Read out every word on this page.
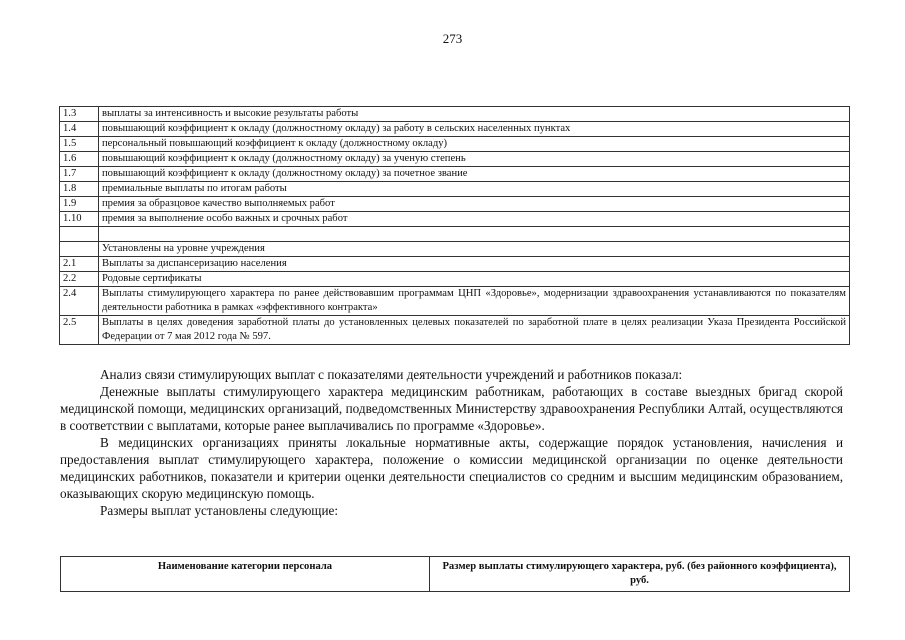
273
1.3	выплаты за интенсивность и высокие результаты работы
1.4	повышающий коэффициент к окладу (должностному окладу) за работу в сельских населенных пунктах
1.5	персональный повышающий коэффициент к окладу (должностному окладу)
1.6	повышающий коэффициент к окладу (должностному окладу) за ученую степень
1.7	повышающий коэффициент к окладу (должностному окладу) за почетное звание
1.8	премиальные выплаты по итогам работы
1.9	премия за образцовое качество выполняемых работ
1.10	премия за выполнение особо важных и срочных работ

	Установлены на уровне учреждения
2.1	Выплаты за диспансеризацию населения
2.2	Родовые сертификаты
2.4	Выплаты стимулирующего характера по ранее действовавшим программам ЦНП «Здоровье», модернизации здравоохранения устанавливаются по показателям деятельности работника в рамках «эффективного контракта»
2.5	Выплаты в целях доведения заработной платы до установленных целевых показателей по заработной плате в целях реализации Указа Президента Российской Федерации от 7 мая 2012 года № 597.

Анализ связи стимулирующих выплат с показателями деятельности учреждений и работников показал:

Денежные выплаты стимулирующего характера медицинским работникам, работающих в составе выездных бригад скорой медицинской помощи, медицинских организаций, подведомственных Министерству здравоохранения Республики Алтай, осуществляются в соответствии с выплатами, которые ранее выплачивались по программе «Здоровье».

В медицинских организациях приняты локальные нормативные акты, содержащие порядок установления, начисления и предоставления выплат стимулирующего характера, положение о комиссии медицинской организации по оценке деятельности медицинских работников, показатели и критерии оценки деятельности специалистов со средним и высшим медицинским образованием, оказывающих скорую медицинскую помощь.

Размеры выплат установлены следующие:

Наименование категории персонала	Размер выплаты стимулирующего характера, руб. (без районного коэффициента), руб.
